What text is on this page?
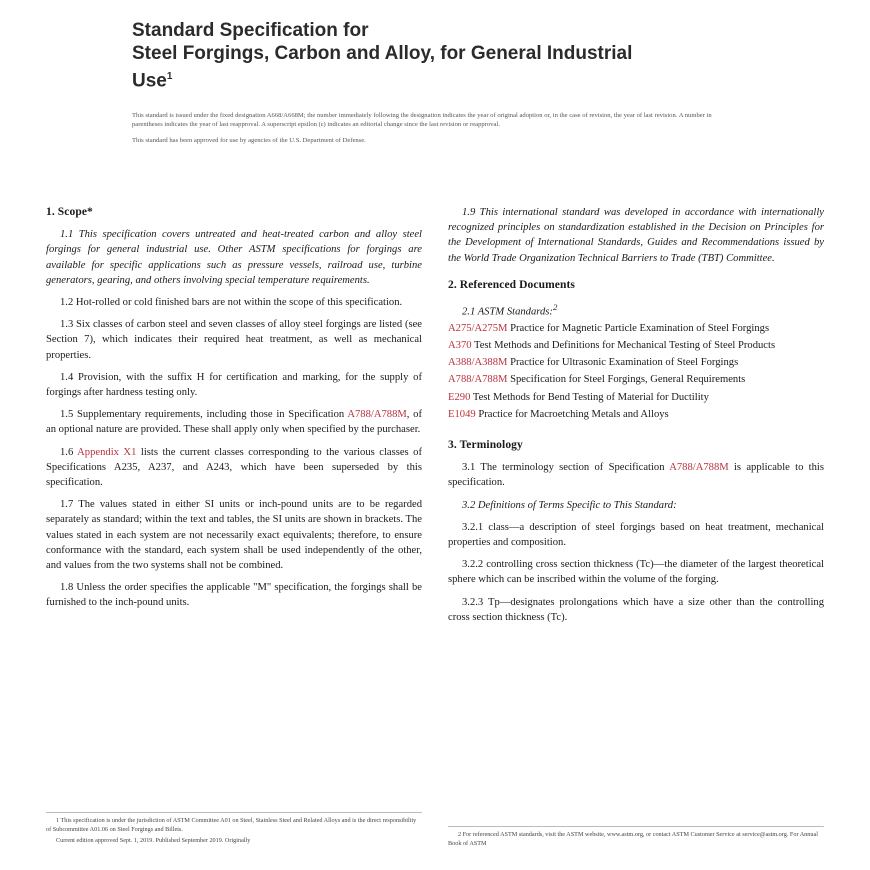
Standard Specification for
Steel Forgings, Carbon and Alloy, for General Industrial
Use$^1$

This standard is issued under the fixed designation A668/A668M; the number immediately following the designation indicates the year of original adoption or, in the case of revision, the year of last revision. A number in parentheses indicates the year of last reapproval. A superscript epsilon (ε) indicates an editorial change since the last revision or reapproval.

This standard has been approved for use by agencies of the U.S. Department of Defense.

1. Scope*

1.1 This specification covers untreated and heat-treated carbon and alloy steel forgings for general industrial use. Other ASTM specifications for forgings are available for specific applications such as pressure vessels, railroad use, turbine generators, gearing, and others involving special temperature requirements.

1.2 Hot-rolled or cold finished bars are not within the scope of this specification.

1.3 Six classes of carbon steel and seven classes of alloy steel forgings are listed (see Section 7), which indicates their required heat treatment, as well as mechanical properties.

1.4 Provision, with the suffix H for certification and marking, for the supply of forgings after hardness testing only.

1.5 Supplementary requirements, including those in Specification A788/A788M, of an optional nature are provided. These shall apply only when specified by the purchaser.

1.6 Appendix X1 lists the current classes corresponding to the various classes of Specifications A235, A237, and A243, which have been superseded by this specification.

1.7 The values stated in either SI units or inch-pound units are to be regarded separately as standard; within the text and tables, the SI units are shown in brackets. The values stated in each system are not necessarily exact equivalents; therefore, to ensure conformance with the standard, each system shall be used independently of the other, and values from the two systems shall not be combined.

1.8 Unless the order specifies the applicable "M" specification, the forgings shall be furnished to the inch-pound units.

1.9 This international standard was developed in accordance with internationally recognized principles on standardization established in the Decision on Principles for the Development of International Standards, Guides and Recommendations issued by the World Trade Organization Technical Barriers to Trade (TBT) Committee.

2. Referenced Documents

2.1 ASTM Standards:$^2$

A275/A275M Practice for Magnetic Particle Examination of Steel Forgings

A370 Test Methods and Definitions for Mechanical Testing of Steel Products

A388/A388M Practice for Ultrasonic Examination of Steel Forgings

A788/A788M Specification for Steel Forgings, General Requirements

E290 Test Methods for Bend Testing of Material for Ductility

E1049 Practice for Macroetching Metals and Alloys

3. Terminology

3.1 The terminology section of Specification A788/A788M is applicable to this specification.

3.2 Definitions of Terms Specific to This Standard:

3.2.1 class—a description of steel forgings based on heat treatment, mechanical properties and composition.

3.2.2 controlling cross section thickness (Tc)—the diameter of the largest theoretical sphere which can be inscribed within the volume of the forging.

3.2.3 Tp—designates prolongations which have a size other than the controlling cross section thickness (Tc).

1 This specification is under the jurisdiction of ASTM Committee A01 on Steel, Stainless Steel and Related Alloys and is the direct responsibility of Subcommittee A01.06 on Steel Forgings and Billets.

Current edition approved Sept. 1, 2019. Published September 2019. Originally

2 For referenced ASTM standards, visit the ASTM website, www.astm.org, or contact ASTM Customer Service at service@astm.org. For Annual Book of ASTM
